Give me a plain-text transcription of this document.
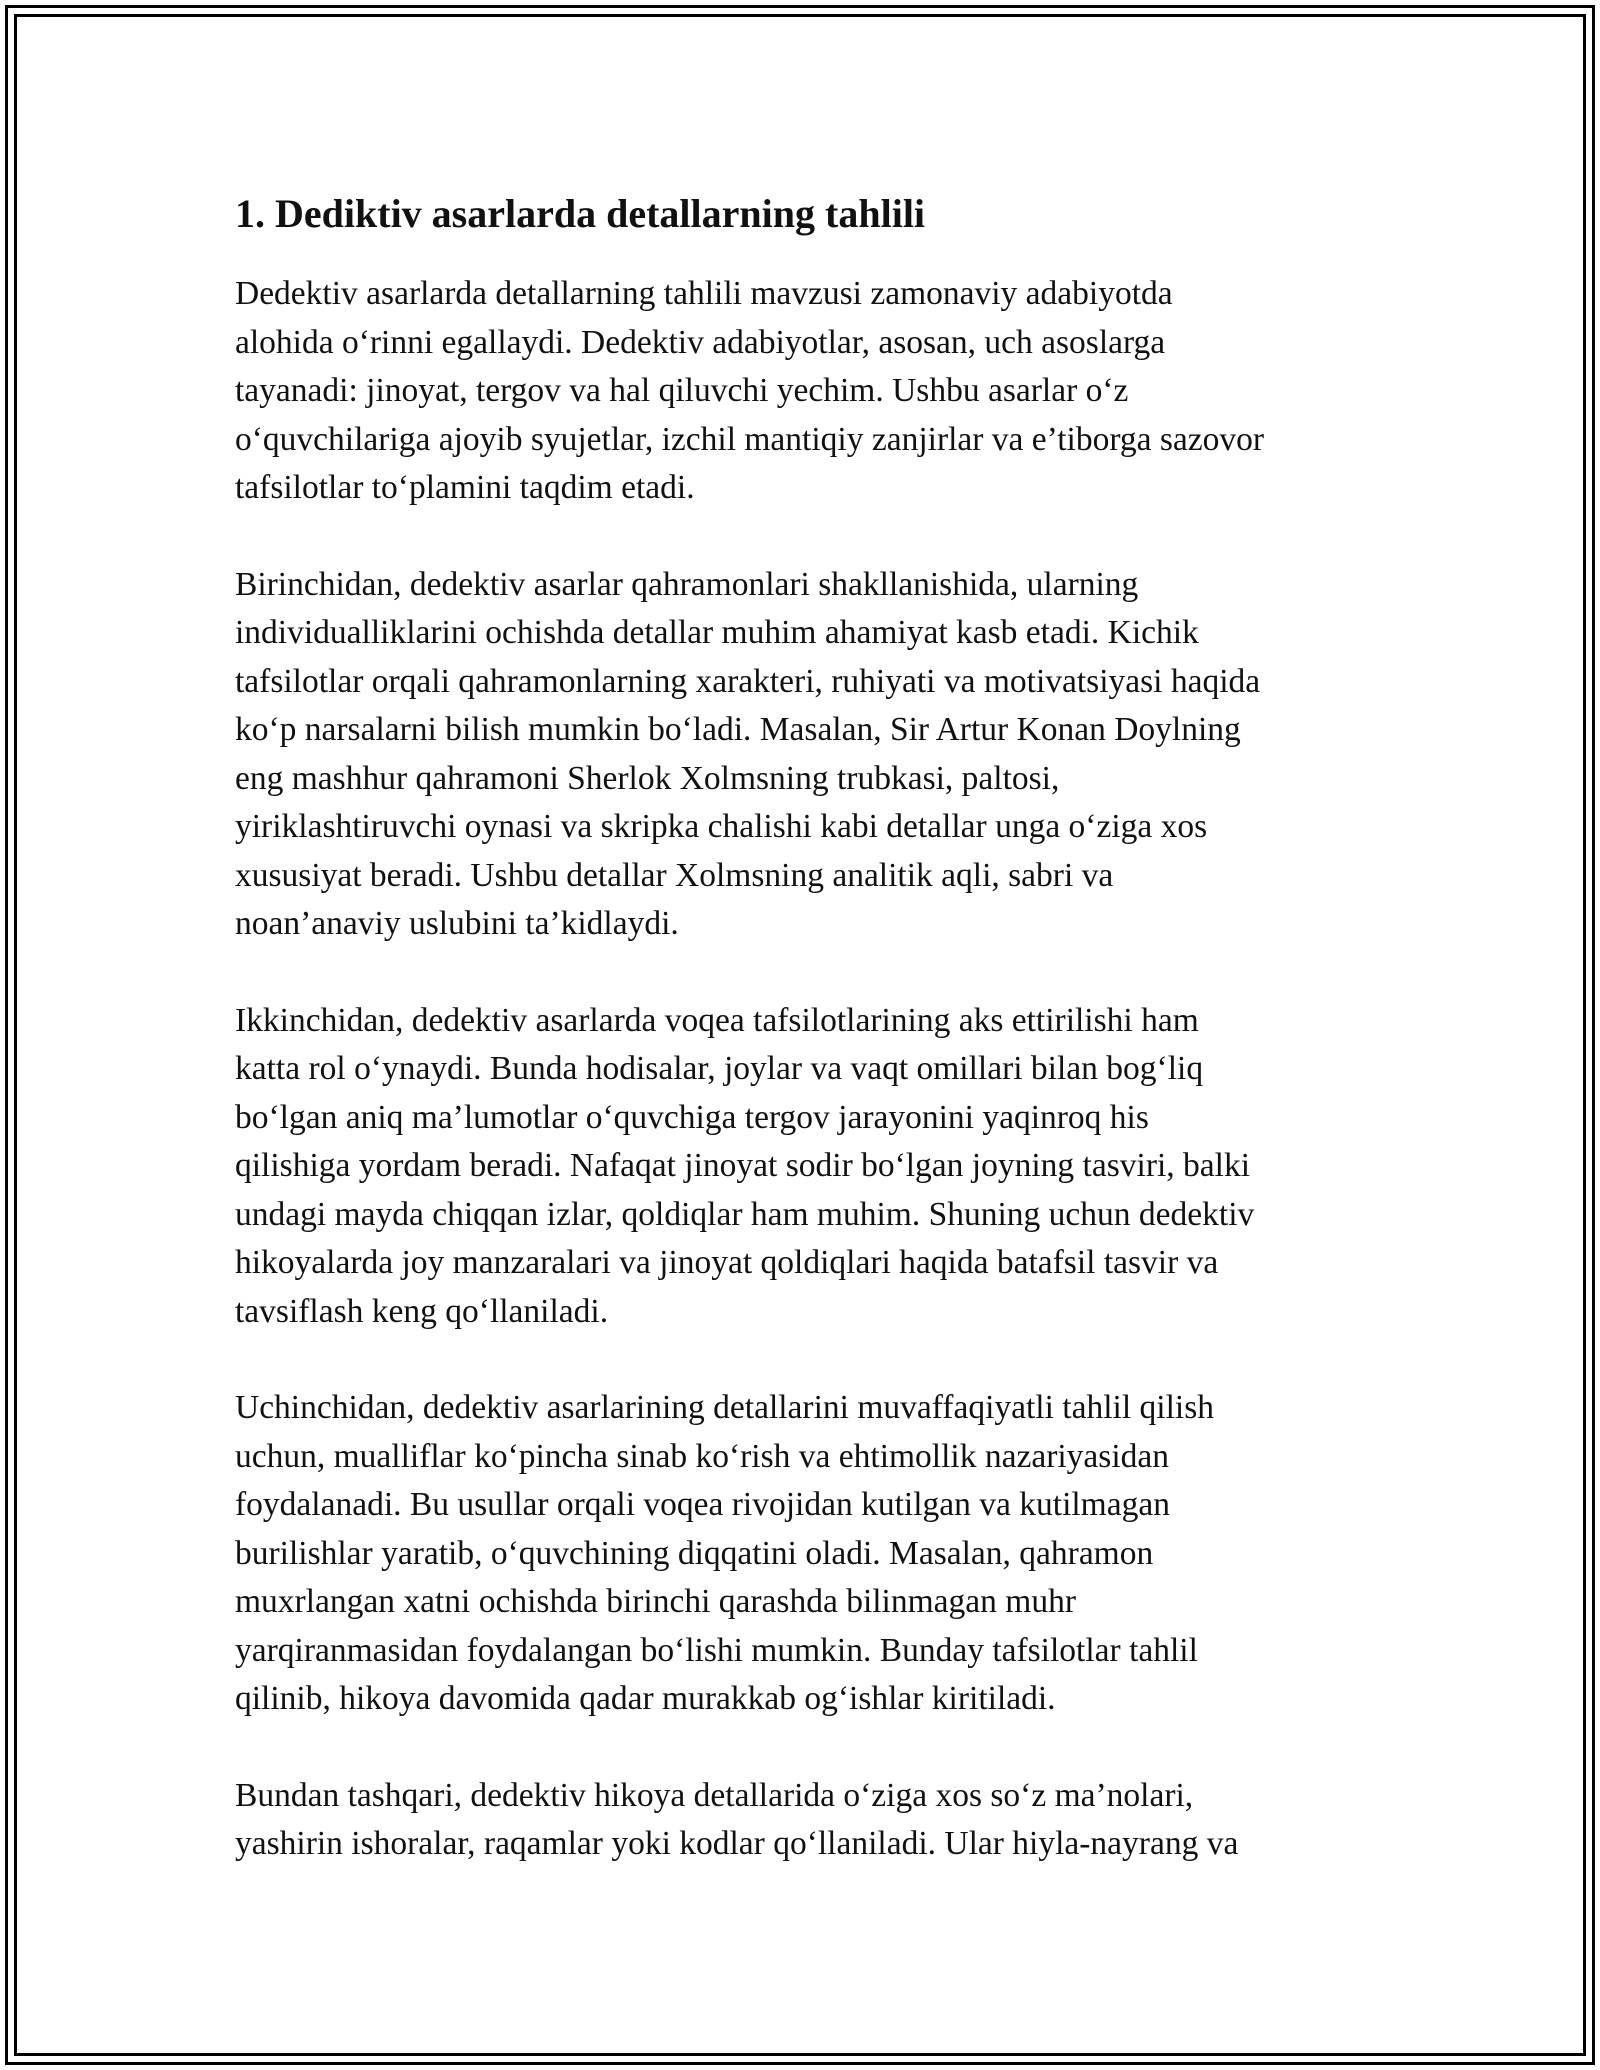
1. Dediktiv asarlarda detallarning tahlili

Dedektiv asarlarda detallarning tahlili mavzusi zamonaviy adabiyotda
alohida o‘rinni egallaydi. Dedektiv adabiyotlar, asosan, uch asoslarga
tayanadi: jinoyat, tergov va hal qiluvchi yechim. Ushbu asarlar o‘z
o‘quvchilariga ajoyib syujetlar, izchil mantiqiy zanjirlar va e’tiborga sazovor
tafsilotlar to‘plamini taqdim etadi.

Birinchidan, dedektiv asarlar qahramonlari shakllanishida, ularning
individualliklarini ochishda detallar muhim ahamiyat kasb etadi. Kichik
tafsilotlar orqali qahramonlarning xarakteri, ruhiyati va motivatsiyasi haqida
ko‘p narsalarni bilish mumkin bo‘ladi. Masalan, Sir Artur Konan Doylning
eng mashhur qahramoni Sherlok Xolmsning trubkasi, paltosi,
yiriklashtiruvchi oynasi va skripka chalishi kabi detallar unga o‘ziga xos
xususiyat beradi. Ushbu detallar Xolmsning analitik aqli, sabri va
noan’anaviy uslubini ta’kidlaydi.

Ikkinchidan, dedektiv asarlarda voqea tafsilotlarining aks ettirilishi ham
katta rol o‘ynaydi. Bunda hodisalar, joylar va vaqt omillari bilan bog‘liq
bo‘lgan aniq ma’lumotlar o‘quvchiga tergov jarayonini yaqinroq his
qilishiga yordam beradi. Nafaqat jinoyat sodir bo‘lgan joyning tasviri, balki
undagi mayda chiqqan izlar, qoldiqlar ham muhim. Shuning uchun dedektiv
hikoyalarda joy manzaralari va jinoyat qoldiqlari haqida batafsil tasvir va
tavsiflash keng qo‘llaniladi.

Uchinchidan, dedektiv asarlarining detallarini muvaffaqiyatli tahlil qilish
uchun, mualliflar ko‘pincha sinab ko‘rish va ehtimollik nazariyasidan
foydalanadi. Bu usullar orqali voqea rivojidan kutilgan va kutilmagan
burilishlar yaratib, o‘quvchining diqqatini oladi. Masalan, qahramon
muxrlangan xatni ochishda birinchi qarashda bilinmagan muhr
yarqiranmasidan foydalangan bo‘lishi mumkin. Bunday tafsilotlar tahlil
qilinib, hikoya davomida qadar murakkab og‘ishlar kiritiladi.

Bundan tashqari, dedektiv hikoya detallarida o‘ziga xos so‘z ma’nolari,
yashirin ishoralar, raqamlar yoki kodlar qo‘llaniladi. Ular hiyla-nayrang va
